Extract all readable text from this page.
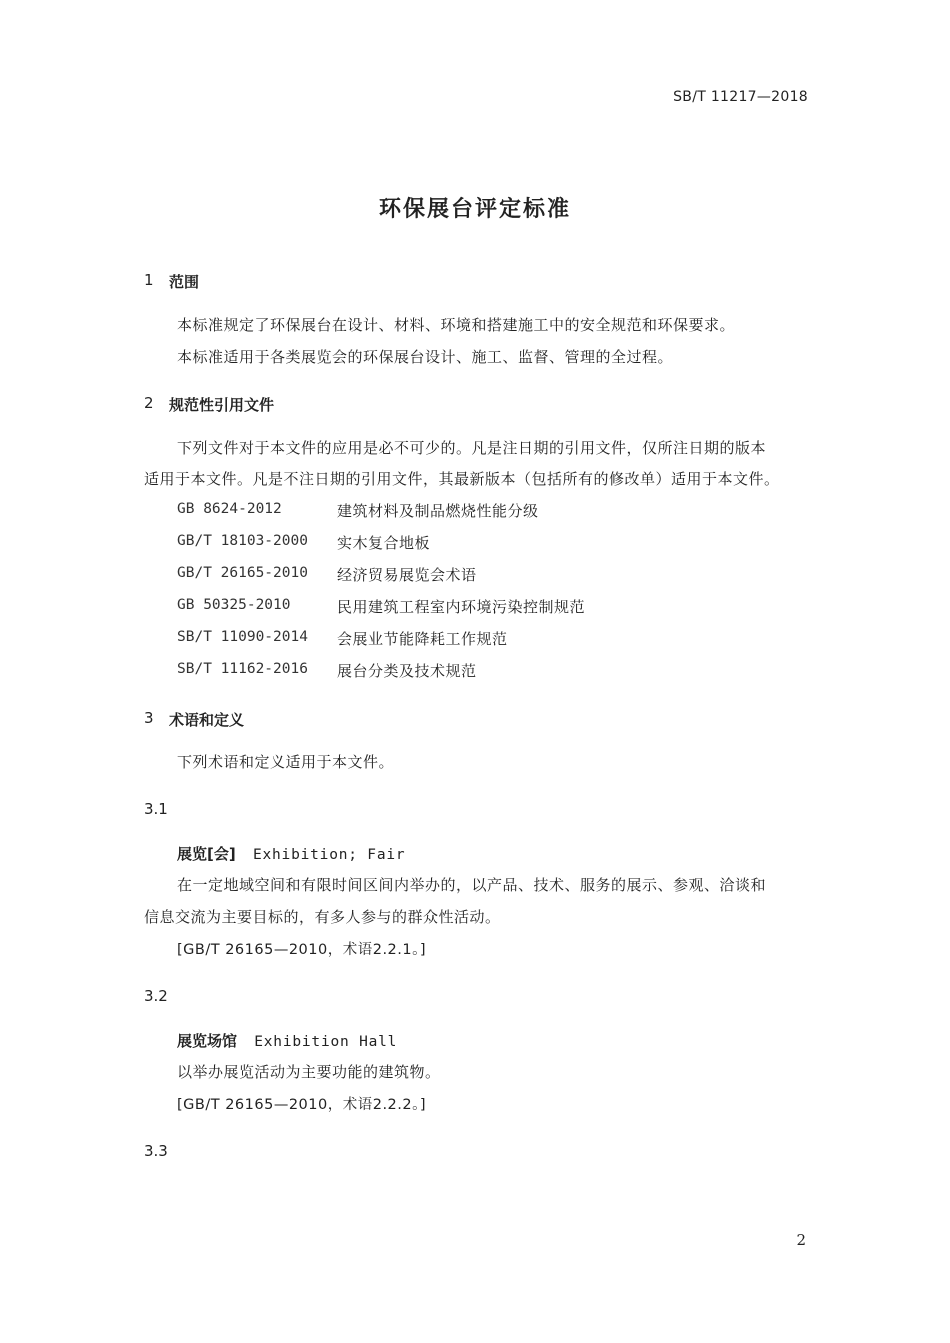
SB/T 11217—2018
环保展台评定标准
1 范围
本标准规定了环保展台在设计、材料、环境和搭建施工中的安全规范和环保要求。
本标准适用于各类展览会的环保展台设计、施工、监督、管理的全过程。
2 规范性引用文件
下列文件对于本文件的应用是必不可少的。凡是注日期的引用文件，仅所注日期的版本
适用于本文件。凡是不注日期的引用文件，其最新版本（包括所有的修改单）适用于本文件。
GB 8624-2012	建筑材料及制品燃烧性能分级
GB/T 18103-2000 实木复合地板
GB/T 26165-2010 经济贸易展览会术语
GB 50325-2010	民用建筑工程室内环境污染控制规范
SB/T 11090-2014 会展业节能降耗工作规范
SB/T 11162-2016 展台分类及技术规范
3 术语和定义
下列术语和定义适用于本文件。
3.1
展览[会] Exhibition; Fair
在一定地域空间和有限时间区间内举办的，以产品、技术、服务的展示、参观、洽谈和
信息交流为主要目标的，有多人参与的群众性活动。
[GB/T 26165—2010，术语2.2.1。]
3.2
展览场馆 Exhibition Hall
以举办展览活动为主要功能的建筑物。
[GB/T 26165—2010，术语2.2.2。]
3.3
2
